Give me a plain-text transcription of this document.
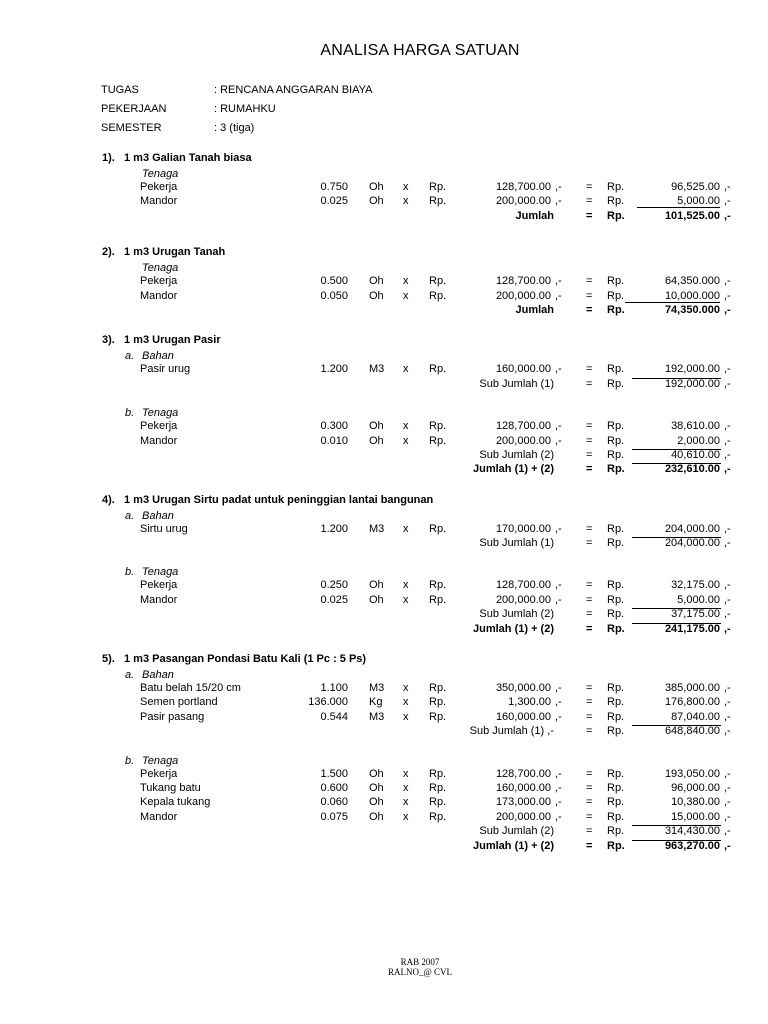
ANALISA HARGA SATUAN
TUGAS	: RENCANA ANGGARAN BIAYA
PEKERJAAN	: RUMAHKU
SEMESTER	: 3 (tiga)
1). 1 m3 Galian Tanah biasa
Tenaga
Pekerja	0.750 Oh x Rp.	128,700.00 ,- = Rp.	96,525.00 ,-
Mandor	0.025 Oh x Rp.	200,000.00 ,- = Rp.	5,000.00 ,-
Jumlah	= Rp.	101,525.00 ,-
2). 1 m3 Urugan Tanah
Tenaga
Pekerja	0.500 Oh x Rp.	128,700.00 ,- = Rp.	64,350.000 ,-
Mandor	0.050 Oh x Rp.	200,000.00 ,- = Rp.	10,000.000 ,-
Jumlah	= Rp.	74,350.000 ,-
3). 1 m3 Urugan Pasir
a. Bahan
Pasir urug	1.200 M3 x Rp.	160,000.00 ,- = Rp.	192,000.00 ,-
Sub Jumlah (1)	= Rp.	192,000.00 ,-
b. Tenaga
Pekerja	0.300 Oh x Rp.	128,700.00 ,- = Rp.	38,610.00 ,-
Mandor	0.010 Oh x Rp.	200,000.00 ,- = Rp.	2,000.00 ,-
Sub Jumlah (2)	= Rp.	40,610.00 ,-
Jumlah (1) + (2)	= Rp.	232,610.00 ,-
4). 1 m3 Urugan Sirtu padat untuk peninggian lantai bangunan
a. Bahan
Sirtu urug	1.200 M3 x Rp.	170,000.00 ,- = Rp.	204,000.00 ,-
Sub Jumlah (1)	= Rp.	204,000.00 ,-
b. Tenaga
Pekerja	0.250 Oh x Rp.	128,700.00 ,- = Rp.	32,175.00 ,-
Mandor	0.025 Oh x Rp.	200,000.00 ,- = Rp.	5,000.00 ,-
Sub Jumlah (2)	= Rp.	37,175.00 ,-
Jumlah (1) + (2)	= Rp.	241,175.00 ,-
5). 1 m3 Pasangan Pondasi Batu Kali (1 Pc : 5 Ps)
a. Bahan
Batu belah 15/20 cm	1.100 M3 x Rp.	350,000.00 ,- = Rp.	385,000.00 ,-
Semen portland	136.000 Kg x Rp.	1,300.00 ,- = Rp.	176,800.00 ,-
Pasir pasang	0.544 M3 x Rp.	160,000.00 ,- = Rp.	87,040.00 ,-
Sub Jumlah (1) ,-	= Rp.	648,840.00 ,-
b. Tenaga
Pekerja	1.500 Oh x Rp.	128,700.00 ,- = Rp.	193,050.00 ,-
Tukang batu	0.600 Oh x Rp.	160,000.00 ,- = Rp.	96,000.00 ,-
Kepala tukang	0.060 Oh x Rp.	173,000.00 ,- = Rp.	10,380.00 ,-
Mandor	0.075 Oh x Rp.	200,000.00 ,- = Rp.	15,000.00 ,-
Sub Jumlah (2)	= Rp.	314,430.00 ,-
Jumlah (1) + (2)	= Rp.	963,270.00 ,-
RAB 2007
RALNO_@ CVL
